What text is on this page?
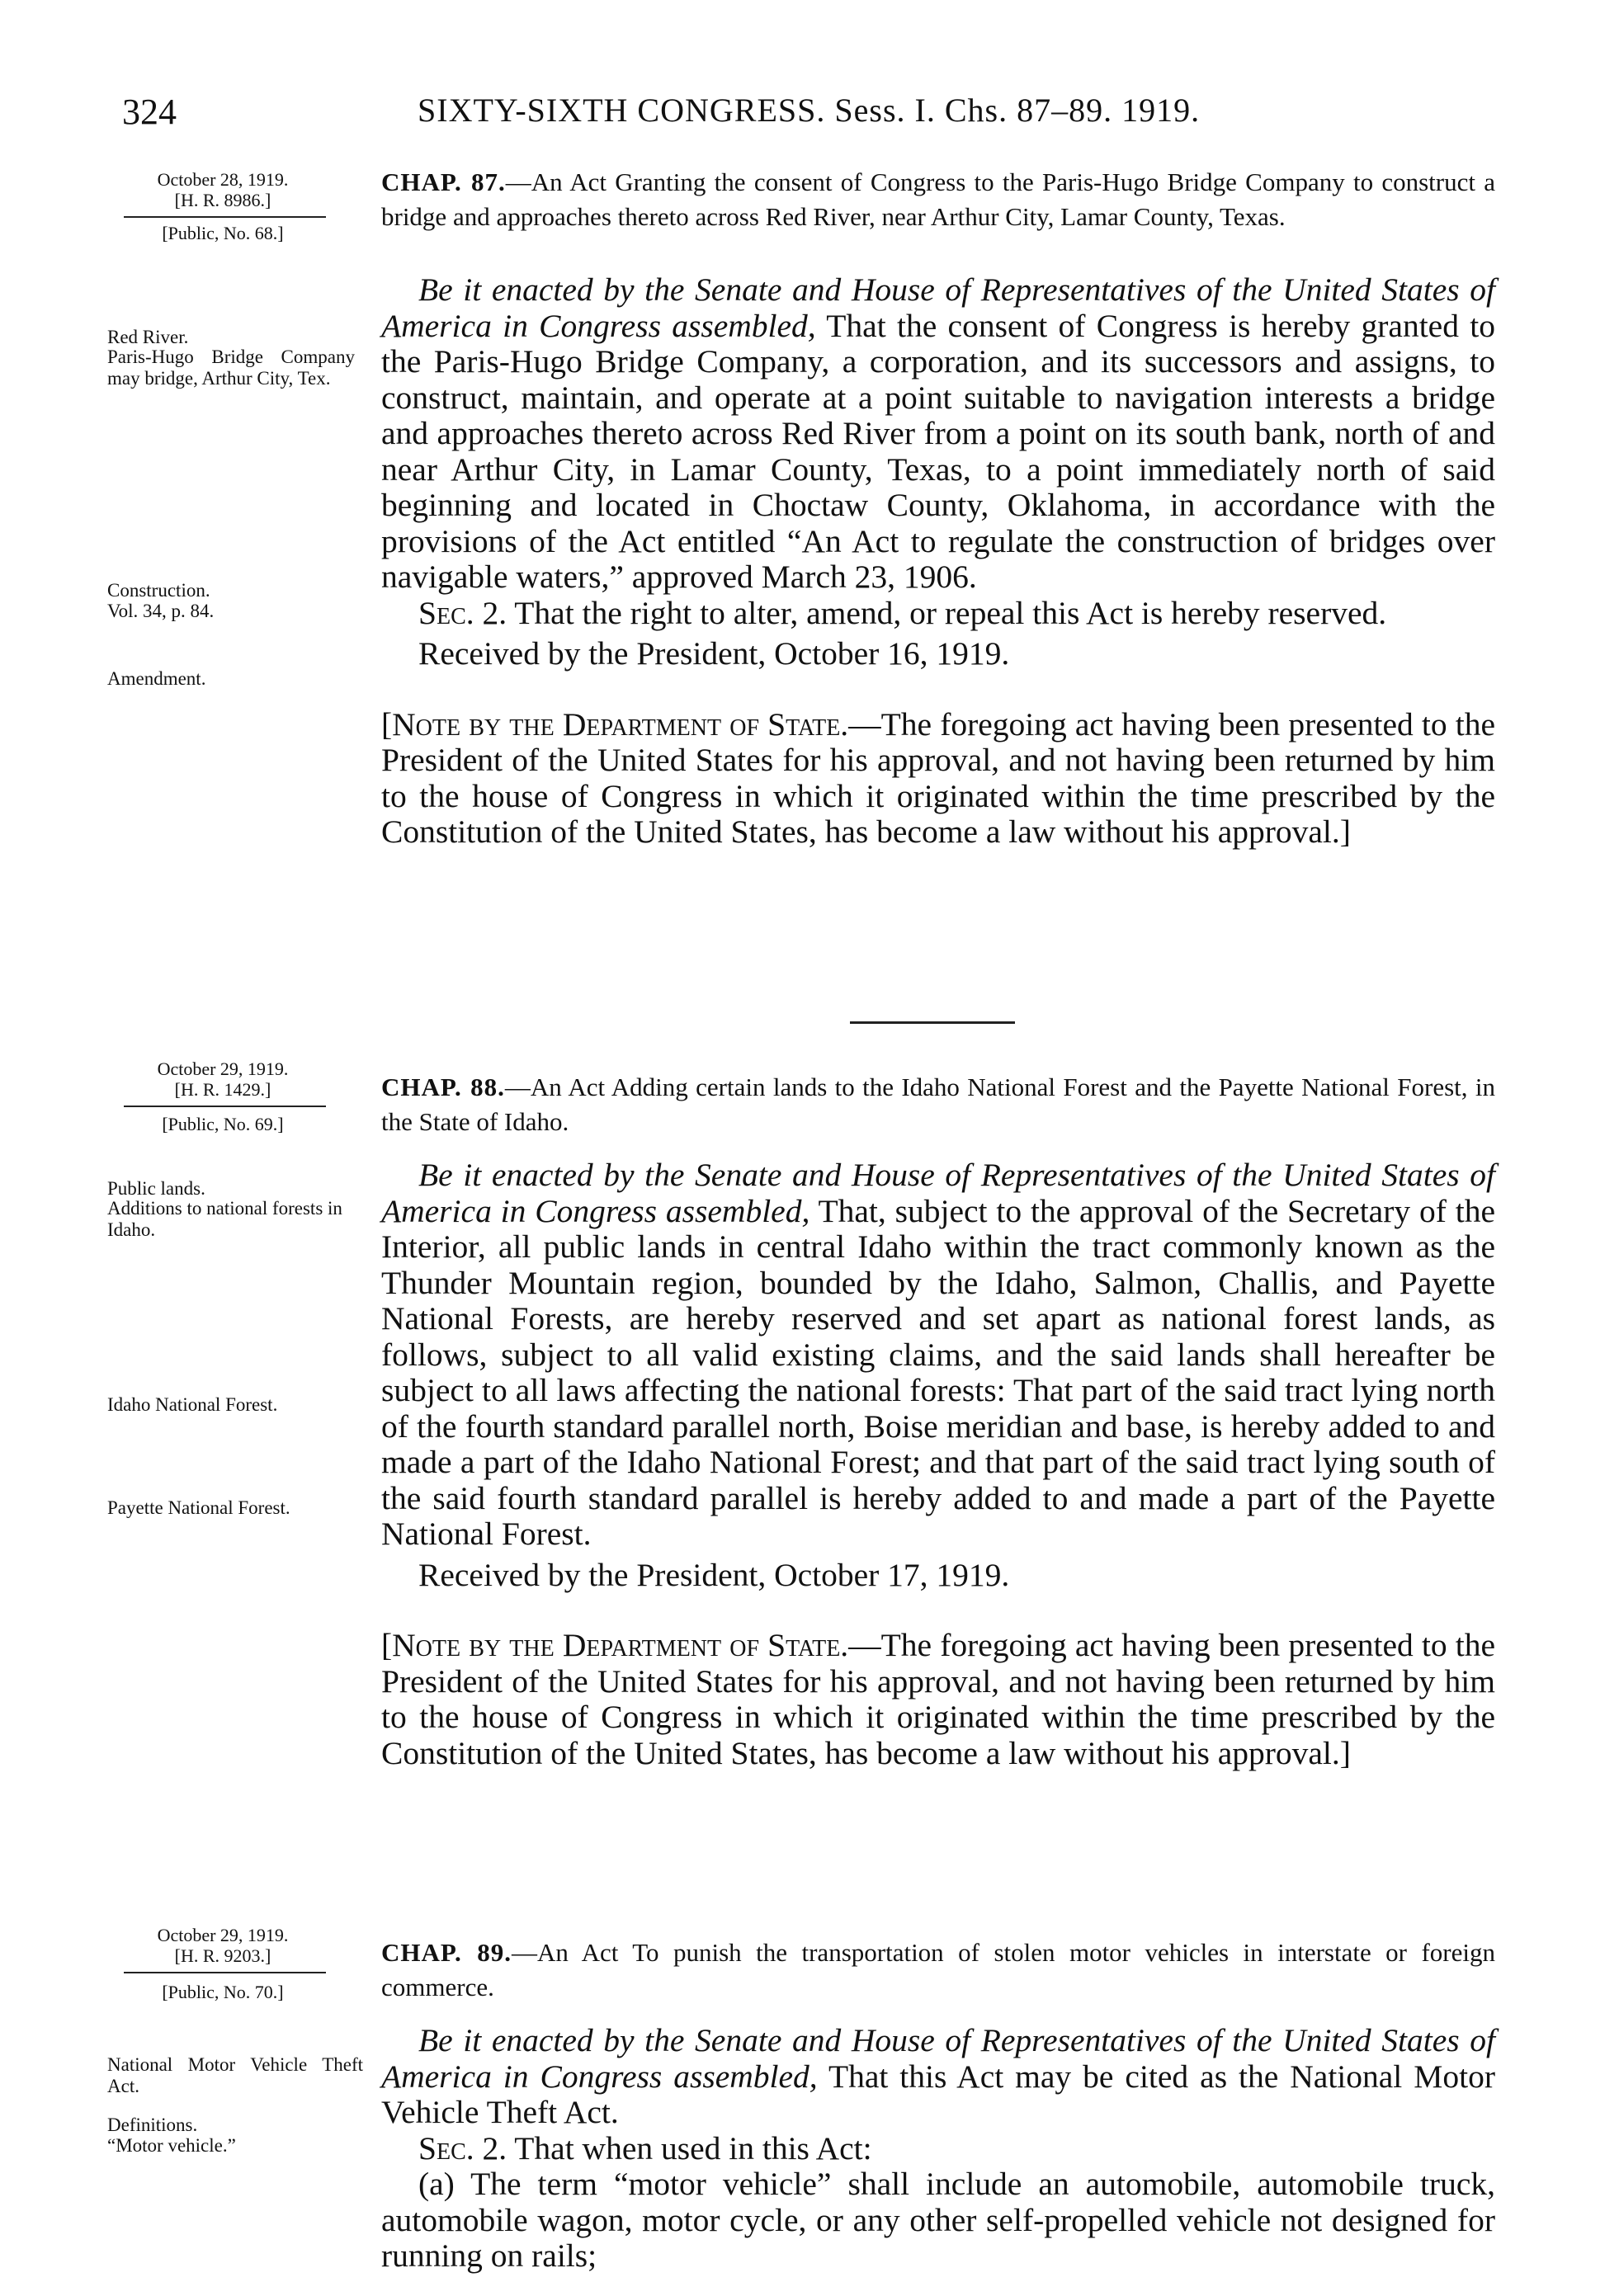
324	SIXTY-SIXTH CONGRESS. Sess. I. Chs. 87–89. 1919.
October 28, 1919.
[H. R. 8986.]
[Public, No. 68.]
CHAP. 87.—An Act Granting the consent of Congress to the Paris-Hugo Bridge Company to construct a bridge and approaches thereto across Red River, near Arthur City, Lamar County, Texas.
Red River.
Paris-Hugo Bridge Company may bridge, Arthur City, Tex.
Construction.
Vol. 34, p. 84.
Amendment.

Be it enacted by the Senate and House of Representatives of the United States of America in Congress assembled, That the consent of Congress is hereby granted to the Paris-Hugo Bridge Company, a corporation, and its successors and assigns, to construct, maintain, and operate at a point suitable to navigation interests a bridge and approaches thereto across Red River from a point on its south bank, north of and near Arthur City, in Lamar County, Texas, to a point immediately north of said beginning and located in Choctaw County, Oklahoma, in accordance with the provisions of the Act entitled “An Act to regulate the construction of bridges over navigable waters,” approved March 23, 1906.

Sec. 2. That the right to alter, amend, or repeal this Act is hereby reserved.

Received by the President, October 16, 1919.

[Note by the Department of State.—The foregoing act having been presented to the President of the United States for his approval, and not having been returned by him to the house of Congress in which it originated within the time prescribed by the Constitution of the United States, has become a law without his approval.]

October 29, 1919.
[H. R. 1429.]
[Public, No. 69.]
CHAP. 88.—An Act Adding certain lands to the Idaho National Forest and the Payette National Forest, in the State of Idaho.
Public lands.
Additions to national forests in Idaho.
Idaho National Forest.
Payette National Forest.

Be it enacted by the Senate and House of Representatives of the United States of America in Congress assembled, That, subject to the approval of the Secretary of the Interior, all public lands in central Idaho within the tract commonly known as the Thunder Mountain region, bounded by the Idaho, Salmon, Challis, and Payette National Forests, are hereby reserved and set apart as national forest lands, as follows, subject to all valid existing claims, and the said lands shall hereafter be subject to all laws affecting the national forests: That part of the said tract lying north of the fourth standard parallel north, Boise meridian and base, is hereby added to and made a part of the Idaho National Forest; and that part of the said tract lying south of the said fourth standard parallel is hereby added to and made a part of the Payette National Forest.

Received by the President, October 17, 1919.

[Note by the Department of State.—The foregoing act having been presented to the President of the United States for his approval, and not having been returned by him to the house of Congress in which it originated within the time prescribed by the Constitution of the United States, has become a law without his approval.]

October 29, 1919.
[H. R. 9203.]
[Public, No. 70.]
CHAP. 89.—An Act To punish the transportation of stolen motor vehicles in interstate or foreign commerce.
National Motor Vehicle Theft Act.
Definitions.
“Motor vehicle.”

Be it enacted by the Senate and House of Representatives of the United States of America in Congress assembled, That this Act may be cited as the National Motor Vehicle Theft Act.

Sec. 2. That when used in this Act:

(a) The term “motor vehicle” shall include an automobile, automobile truck, automobile wagon, motor cycle, or any other self-propelled vehicle not designed for running on rails;
